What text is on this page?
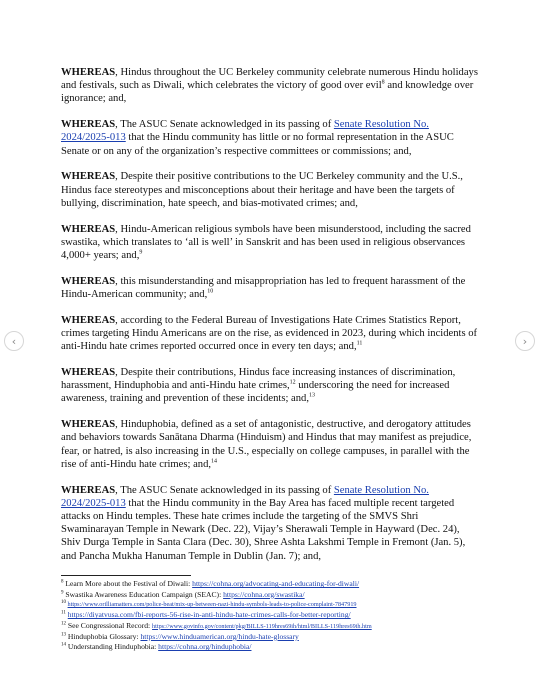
‹	›

WHEREAS, Hindus throughout the UC Berkeley community celebrate numerous Hindu holidays and festivals, such as Diwali, which celebrates the victory of good over evil$^8$ and knowledge over ignorance; and,

WHEREAS, The ASUC Senate acknowledged in its passing of Senate Resolution No. 2024/2025-013 that the Hindu community has little or no formal representation in the ASUC Senate or on any of the organization’s respective committees or commissions; and,

WHEREAS, Despite their positive contributions to the UC Berkeley community and the U.S., Hindus face stereotypes and misconceptions about their heritage and have been the targets of bullying, discrimination, hate speech, and bias-motivated crimes; and,

WHEREAS, Hindu-American religious symbols have been misunderstood, including the sacred swastika, which translates to ‘all is well’ in Sanskrit and has been used in religious observances 4,000+ years; and,$^9$

WHEREAS, this misunderstanding and misappropriation has led to frequent harassment of the Hindu-American community; and,$^{10}$

WHEREAS, according to the Federal Bureau of Investigations Hate Crimes Statistics Report, crimes targeting Hindu Americans are on the rise, as evidenced in 2023, during which incidents of anti-Hindu hate crimes reported occurred once in every ten days; and,$^{11}$

WHEREAS, Despite their contributions, Hindus face increasing instances of discrimination, harassment, Hinduphobia and anti-Hindu hate crimes,$^{12}$ underscoring the need for increased awareness, training and prevention of these incidents; and,$^{13}$

WHEREAS, Hinduphobia, defined as a set of antagonistic, destructive, and derogatory attitudes and behaviors towards Sanātana Dharma (Hinduism) and Hindus that may manifest as prejudice, fear, or hatred, is also increasing in the U.S., especially on college campuses, in parallel with the rise of anti-Hindu hate crimes; and,$^{14}$

WHEREAS, The ASUC Senate acknowledged in its passing of Senate Resolution No. 2024/2025-013 that the Hindu community in the Bay Area has faced multiple recent targeted attacks on Hindu temples. These hate crimes include the targeting of the SMVS Shri Swaminarayan Temple in Newark (Dec. 22), Vijay’s Sherawali Temple in Hayward (Dec. 24), Shiv Durga Temple in Santa Clara (Dec. 30), Shree Ashta Lakshmi Temple in Fremont (Jan. 5), and Pancha Mukha Hanuman Temple in Dublin (Jan. 7); and,

$^8$ Learn More about the Festival of Diwali: https://cohna.org/advocating-and-educating-for-diwali/
$^9$ Swastika Awareness Education Campaign (SEAC): https://cohna.org/swastika/
$^{10}$ https://www.orilliamatters.com/police-beat/mix-up-between-nazi-hindu-symbols-leads-to-police-complaint-7847919
$^{11}$ https://diyatvusa.com/fbi-reports-56-rise-in-anti-hindu-hate-crimes-calls-for-better-reporting/
$^{12}$ See Congressional Record: https://www.govinfo.gov/content/pkg/BILLS-119hres69ih/html/BILLS-119hres69ih.htm
$^{13}$ Hinduphobia Glossary: https://www.hinduamerican.org/hindu-hate-glossary
$^{14}$ Understanding Hinduphobia: https://cohna.org/hinduphobia/
